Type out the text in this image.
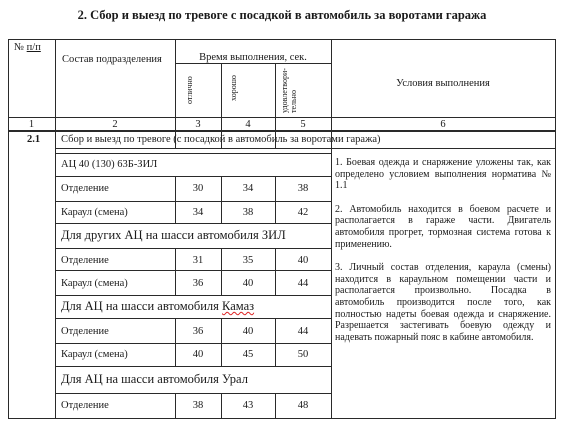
2. Сбор и выезд по тревоге с посадкой в автомобиль за воротами гаража
№ п/п
Состав подразделения	Время выполнения, сек.
Условия выполнения
отлично	хорошо	удовлетвори-тельно
1	2	3	4	5	6
2.1 Сбор и выезд по тревоге (с посадкой в автомобиль за воротами гаража)
АЦ 40 (130) 63Б-ЗИЛ
Отделение	30	34	38
Караул (смена)	34	38	42
Для других АЦ на шасси автомобиля ЗИЛ
Отделение	31	35	40
Караул (смена)	36	40	44
Для АЦ на шасси автомобиля Камаз
Отделение	36	40	44
Караул (смена)	40	45	50
Для АЦ на шасси автомобиля Урал
Отделение	38	43	48

1. Боевая одежда и снаряжение уложены так, как определено условием выполнения норматива № 1.1

2. Автомобиль находится в боевом расчете и располагается в гараже части. Двигатель автомобиля прогрет, тормозная система готова к применению.

3. Личный состав отделения, караула (смены) находится в караульном помещении части и располагается произвольно. Посадка в автомобиль производится после того, как полностью надеты боевая одежда и снаряжение. Разрешается застегивать боевую одежду и надевать пожарный пояс в кабине автомобиля.
